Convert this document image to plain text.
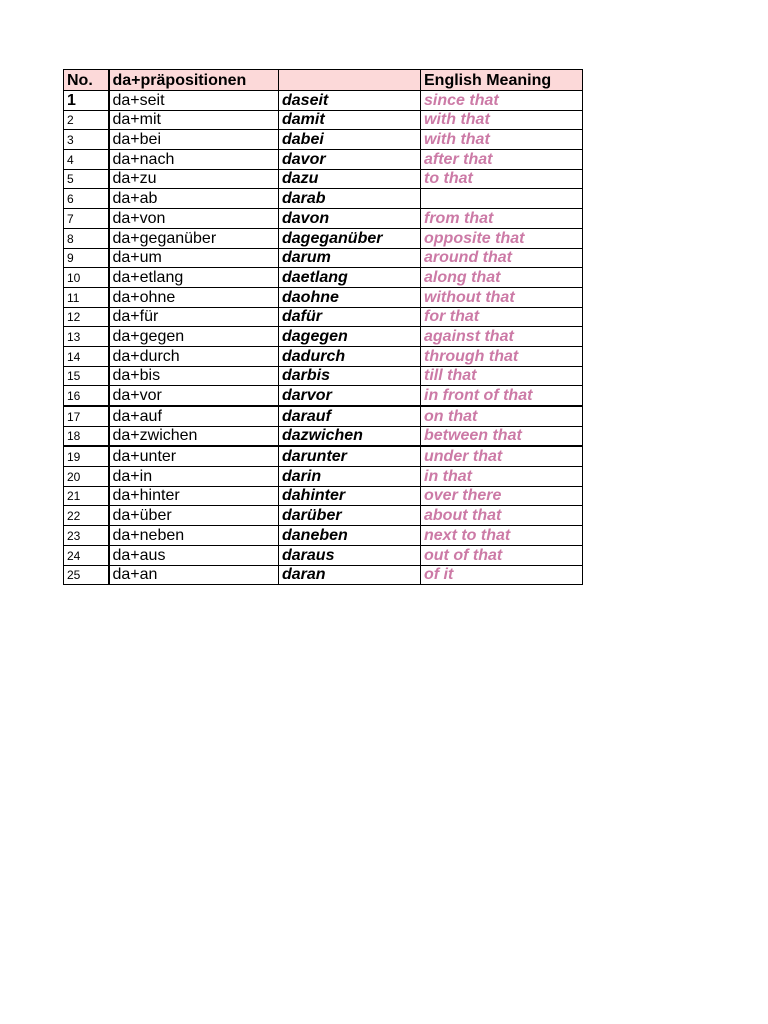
No.	da+präpositionen		English Meaning
1	da+seit	daseit	since that
2	da+mit	damit	with that
3	da+bei	dabei	with that
4	da+nach	davor	after that
5	da+zu	dazu	to that
6	da+ab	darab	
7	da+von	davon	from that
8	da+geganüber	dageganüber	opposite that
9	da+um	darum	around that
10	da+etlang	daetlang	along that
11	da+ohne	daohne	without that
12	da+für	dafür	for that
13	da+gegen	dagegen	against that
14	da+durch	dadurch	through that
15	da+bis	darbis	till that
16	da+vor	darvor	in front of that
17	da+auf	darauf	on that
18	da+zwichen	dazwichen	between that
19	da+unter	darunter	under that
20	da+in	darin	in that
21	da+hinter	dahinter	over there
22	da+über	darüber	about that
23	da+neben	daneben	next to that
24	da+aus	daraus	out of that
25	da+an	daran	of it
